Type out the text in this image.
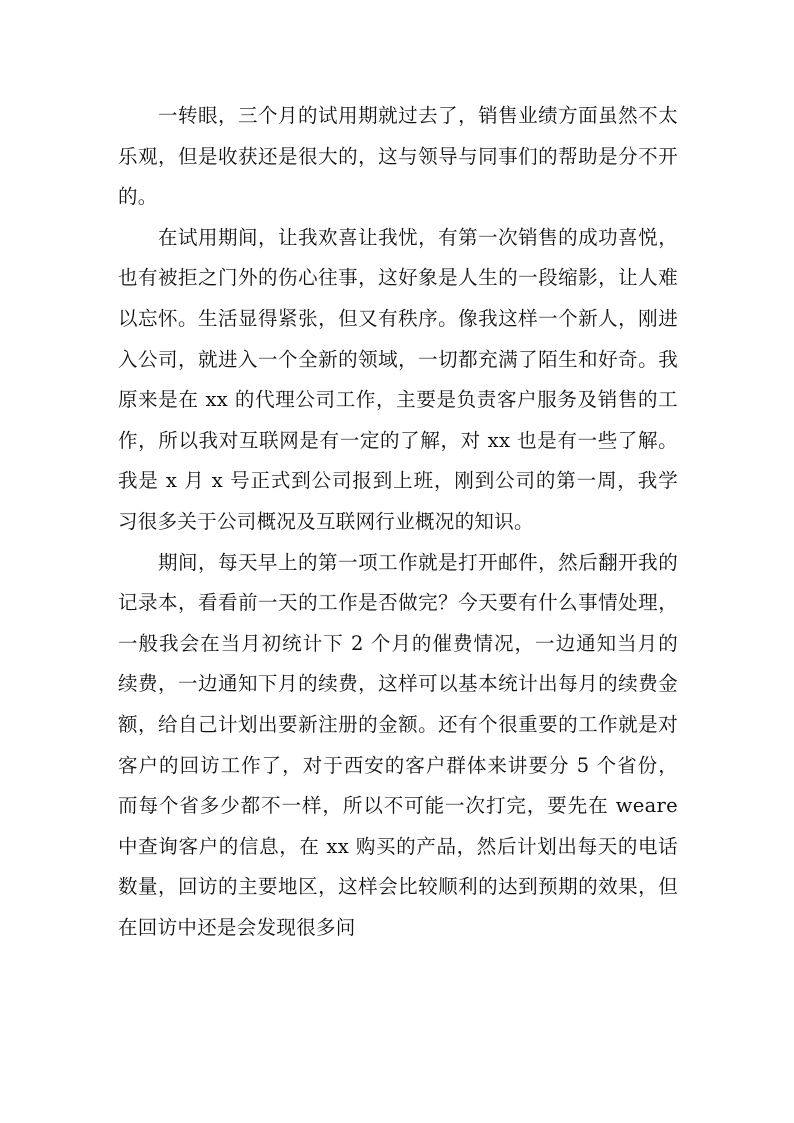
一转眼，三个月的试用期就过去了，销售业绩方面虽然不太乐观，但是收获还是很大的，这与领导与同事们的帮助是分不开的。

在试用期间，让我欢喜让我忧，有第一次销售的成功喜悦，也有被拒之门外的伤心往事，这好象是人生的一段缩影，让人难以忘怀。生活显得紧张，但又有秩序。像我这样一个新人，刚进入公司，就进入一个全新的领域，一切都充满了陌生和好奇。我原来是在 xx 的代理公司工作，主要是负责客户服务及销售的工作，所以我对互联网是有一定的了解，对 xx 也是有一些了解。我是 x 月 x 号正式到公司报到上班，刚到公司的第一周，我学习很多关于公司概况及互联网行业概况的知识。

期间，每天早上的第一项工作就是打开邮件，然后翻开我的记录本，看看前一天的工作是否做完？今天要有什么事情处理，一般我会在当月初统计下 2 个月的催费情况，一边通知当月的续费，一边通知下月的续费，这样可以基本统计出每月的续费金额，给自己计划出要新注册的金额。还有个很重要的工作就是对客户的回访工作了，对于西安的客户群体来讲要分 5 个省份，而每个省多少都不一样，所以不可能一次打完，要先在 weare 中查询客户的信息，在 xx 购买的产品，然后计划出每天的电话数量，回访的主要地区，这样会比较顺利的达到预期的效果，但在回访中还是会发现很多问
